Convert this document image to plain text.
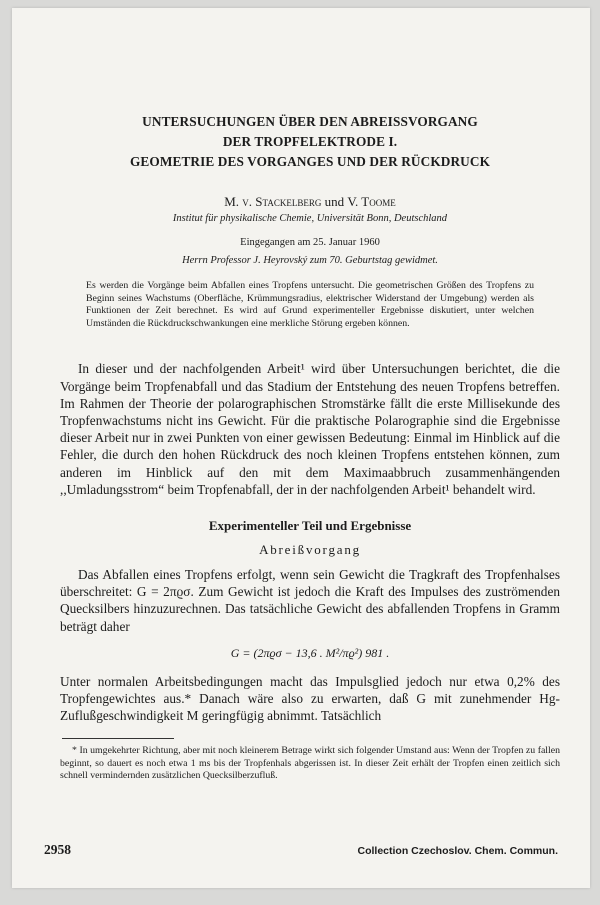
UNTERSUCHUNGEN ÜBER DEN ABREISSVORGANG
DER TROPFELEKTRODE I.
GEOMETRIE DES VORGANGES UND DER RÜCKDRUCK
M. v. Stackelberg und V. Toome
Institut für physikalische Chemie, Universität Bonn, Deutschland
Eingegangen am 25. Januar 1960
Herrn Professor J. Heyrovský zum 70. Geburtstag gewidmet.
Es werden die Vorgänge beim Abfallen eines Tropfens untersucht. Die geometrischen Größen des Tropfens zu Beginn seines Wachstums (Oberfläche, Krümmungsradius, elektrischer Widerstand der Umgebung) werden als Funktionen der Zeit berechnet. Es wird auf Grund experimenteller Ergebnisse diskutiert, unter welchen Umständen die Rückdruckschwankungen eine merkliche Störung ergeben können.
In dieser und der nachfolgenden Arbeit¹ wird über Untersuchungen berichtet, die die Vorgänge beim Tropfenabfall und das Stadium der Entstehung des neuen Tropfens betreffen. Im Rahmen der Theorie der polarographischen Stromstärke fällt die erste Millisekunde des Tropfenwachstums nicht ins Gewicht. Für die praktische Polarographie sind die Ergebnisse dieser Arbeit nur in zwei Punkten von einer gewissen Bedeutung: Einmal im Hinblick auf die Fehler, die durch den hohen Rückdruck des noch kleinen Tropfens entstehen können, zum anderen im Hinblick auf den mit dem Maximaabbruch zusammenhängenden ,,Umladungsstrom“ beim Tropfenabfall, der in der nachfolgenden Arbeit¹ behandelt wird.
Experimenteller Teil und Ergebnisse
Abreißvorgang
Das Abfallen eines Tropfens erfolgt, wenn sein Gewicht die Tragkraft des Tropfenhalses überschreitet: G = 2πϱσ. Zum Gewicht ist jedoch die Kraft des Impulses des zuströmenden Quecksilbers hinzuzurechnen. Das tatsächliche Gewicht des abfallenden Tropfens in Gramm beträgt daher
G = (2πϱσ − 13,6 . M²/πϱ²) 981 .
Unter normalen Arbeitsbedingungen macht das Impulsglied jedoch nur etwa 0,2% des Tropfengewichtes aus.* Danach wäre also zu erwarten, daß G mit zunehmender Hg-Zuflußgeschwindigkeit M geringfügig abnimmt. Tatsächlich
* In umgekehrter Richtung, aber mit noch kleinerem Betrage wirkt sich folgender Umstand aus: Wenn der Tropfen zu fallen beginnt, so dauert es noch etwa 1 ms bis der Tropfenhals abgerissen ist. In dieser Zeit erhält der Tropfen einen zeitlich sich schnell vermindernden zusätzlichen Quecksilberzufluß.
2958	Collection Czechoslov. Chem. Commun.
